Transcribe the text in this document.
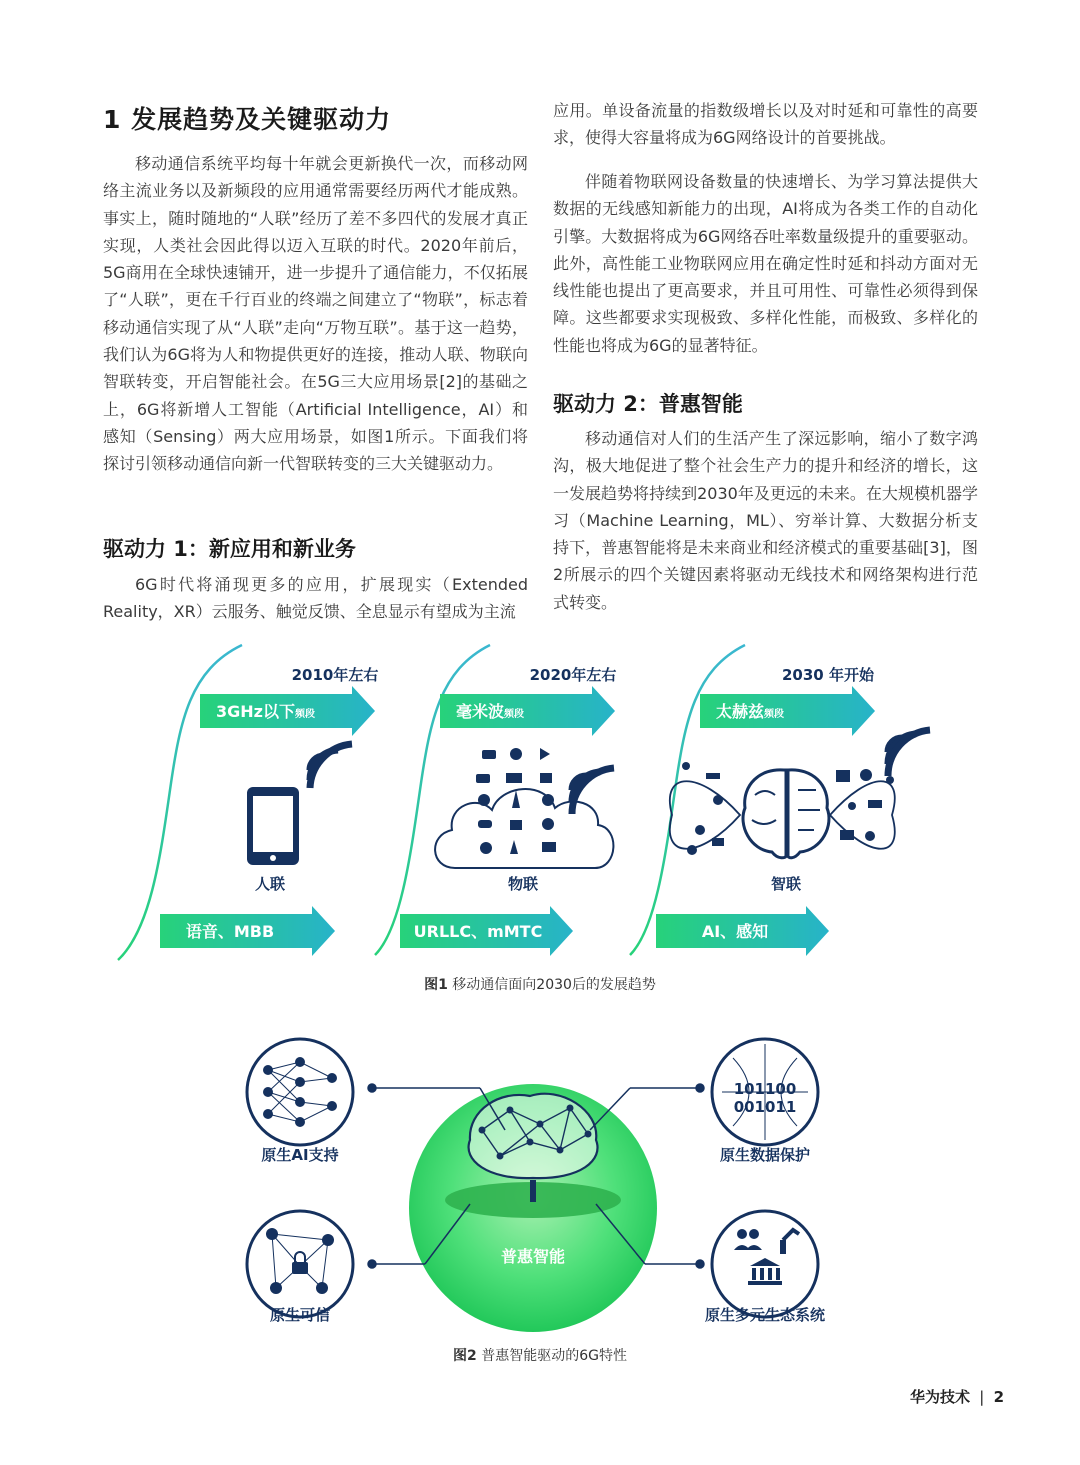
1 发展趋势及关键驱动力

移动通信系统平均每十年就会更新换代一次，而移动网络主流业务以及新频段的应用通常需要经历两代才能成熟。事实上，随时随地的“人联”经历了差不多四代的发展才真正实现，人类社会因此得以迈入互联的时代。2020年前后，5G商用在全球快速铺开，进一步提升了通信能力，不仅拓展了“人联”，更在千行百业的终端之间建立了“物联”，标志着移动通信实现了从“人联”走向“万物互联”。基于这一趋势，我们认为6G将为人和物提供更好的连接，推动人联、物联向智联转变，开启智能社会。在5G三大应用场景[2]的基础之上，6G将新增人工智能（Artificial Intelligence，AI）和感知（Sensing）两大应用场景，如图1所示。下面我们将探讨引领移动通信向新一代智联转变的三大关键驱动力。

驱动力 1：新应用和新业务

6G时代将涌现更多的应用，扩展现实（Extended Reality，XR）云服务、触觉反馈、全息显示有望成为主流

应用。单设备流量的指数级增长以及对时延和可靠性的高要求，使得大容量将成为6G网络设计的首要挑战。

伴随着物联网设备数量的快速增长、为学习算法提供大数据的无线感知新能力的出现，AI将成为各类工作的自动化引擎。大数据将成为6G网络吞吐率数量级提升的重要驱动。此外，高性能工业物联网应用在确定性时延和抖动方面对无线性能也提出了更高要求，并且可用性、可靠性必须得到保障。这些都要求实现极致、多样化性能，而极致、多样化的性能也将成为6G的显著特征。

驱动力 2：普惠智能

移动通信对人们的生活产生了深远影响，缩小了数字鸿沟，极大地促进了整个社会生产力的提升和经济的增长，这一发展趋势将持续到2030年及更远的未来。在大规模机器学习（Machine Learning，ML）、穷举计算、大数据分析支持下，普惠智能将是未来商业和经济模式的重要基础[3]，图2所展示的四个关键因素将驱动无线技术和网络架构进行范式转变。

2010年左右
3GHz以下频段
人联
语音、MBB
2020年左右
毫米波频段
物联
URLLC、mMTC
2030 年开始
太赫兹频段
智联
AI、感知
图1 移动通信面向2030后的发展趋势
普惠智能
原生AI支持
101100
001011
原生数据保护
原生可信	原生多元生态系统
图2 普惠智能驱动的6G特性
华为技术 | 2
